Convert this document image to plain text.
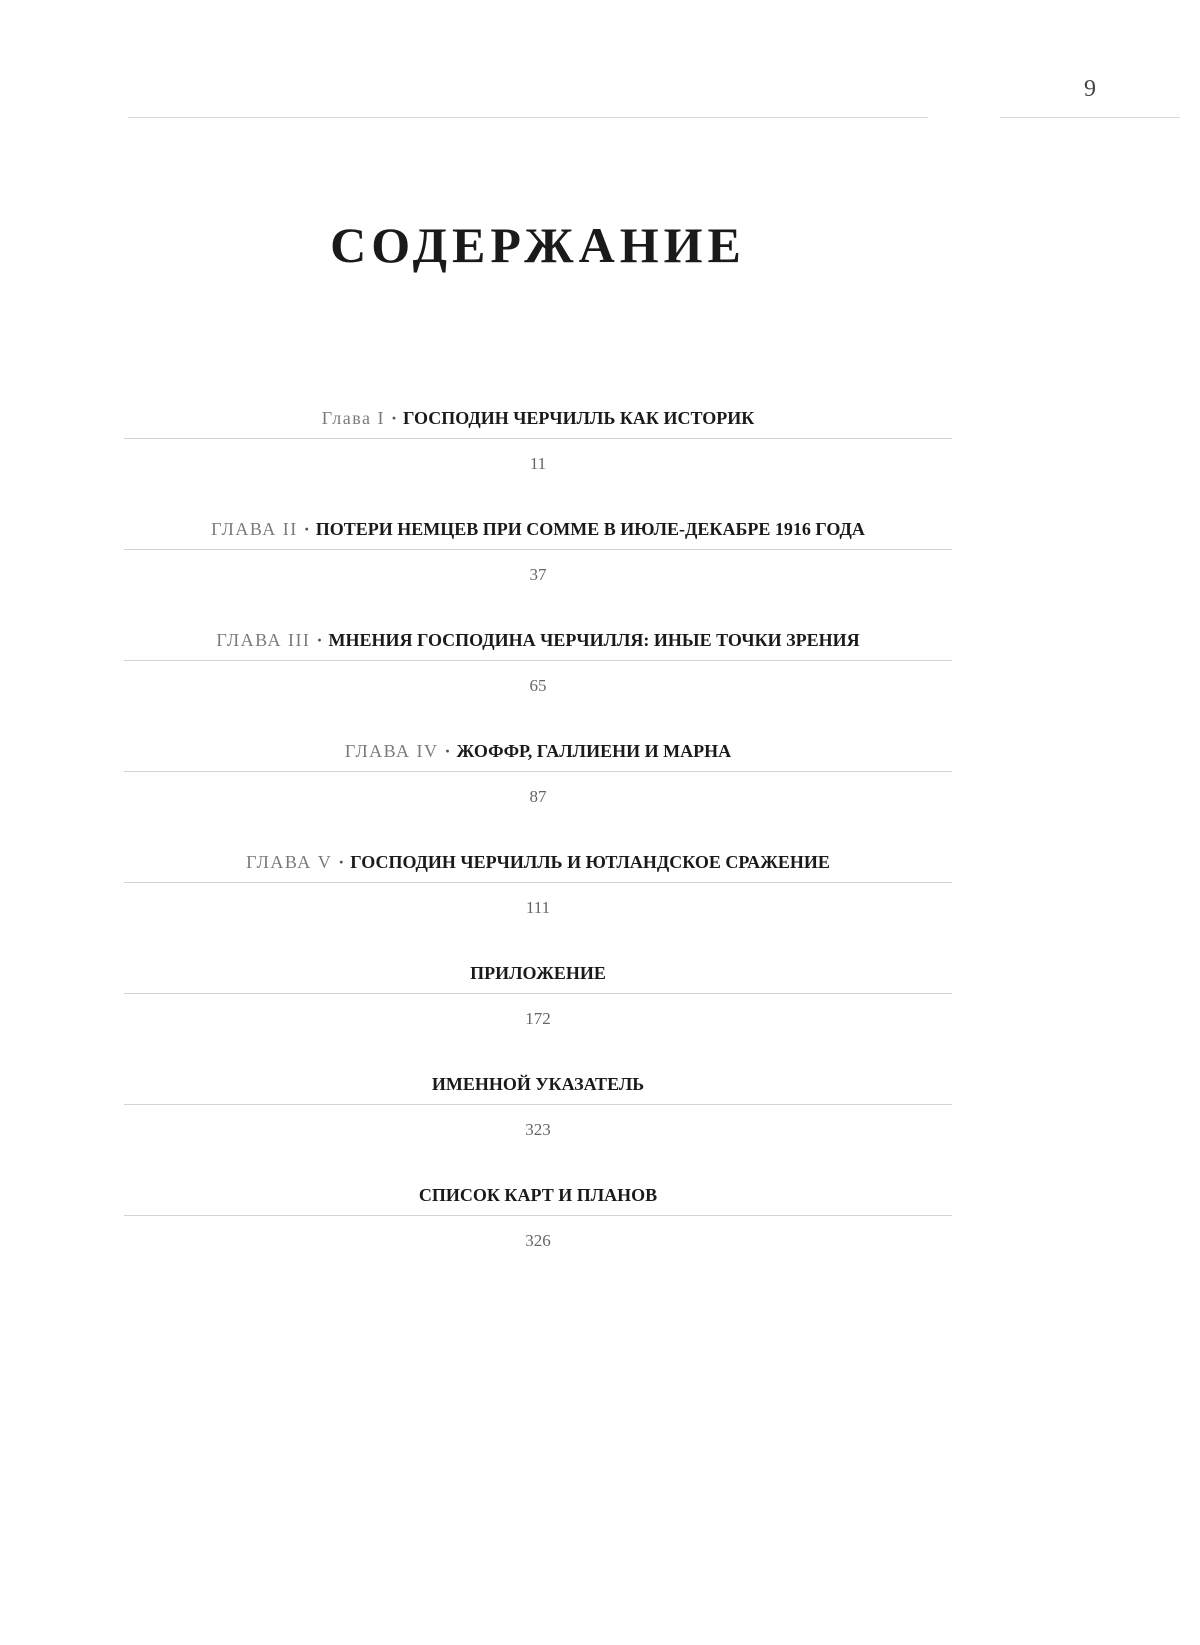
9
СОДЕРЖАНИЕ
Глава I · ГОСПОДИН ЧЕРЧИЛЛЬ КАК ИСТОРИК
11
ГЛАВА II · ПОТЕРИ НЕМЦЕВ ПРИ СОММЕ В ИЮЛЕ-ДЕКАБРЕ 1916 ГОДА
37
ГЛАВА III · МНЕНИЯ ГОСПОДИНА ЧЕРЧИЛЛЯ: ИНЫЕ ТОЧКИ ЗРЕНИЯ
65
ГЛАВА IV · ЖОФФР, ГАЛЛИЕНИ И МАРНА
87
ГЛАВА V · ГОСПОДИН ЧЕРЧИЛЛЬ И ЮТЛАНДСКОЕ СРАЖЕНИЕ
111
ПРИЛОЖЕНИЕ
172
ИМЕННОЙ УКАЗАТЕЛЬ
323
СПИСОК КАРТ И ПЛАНОВ
326
